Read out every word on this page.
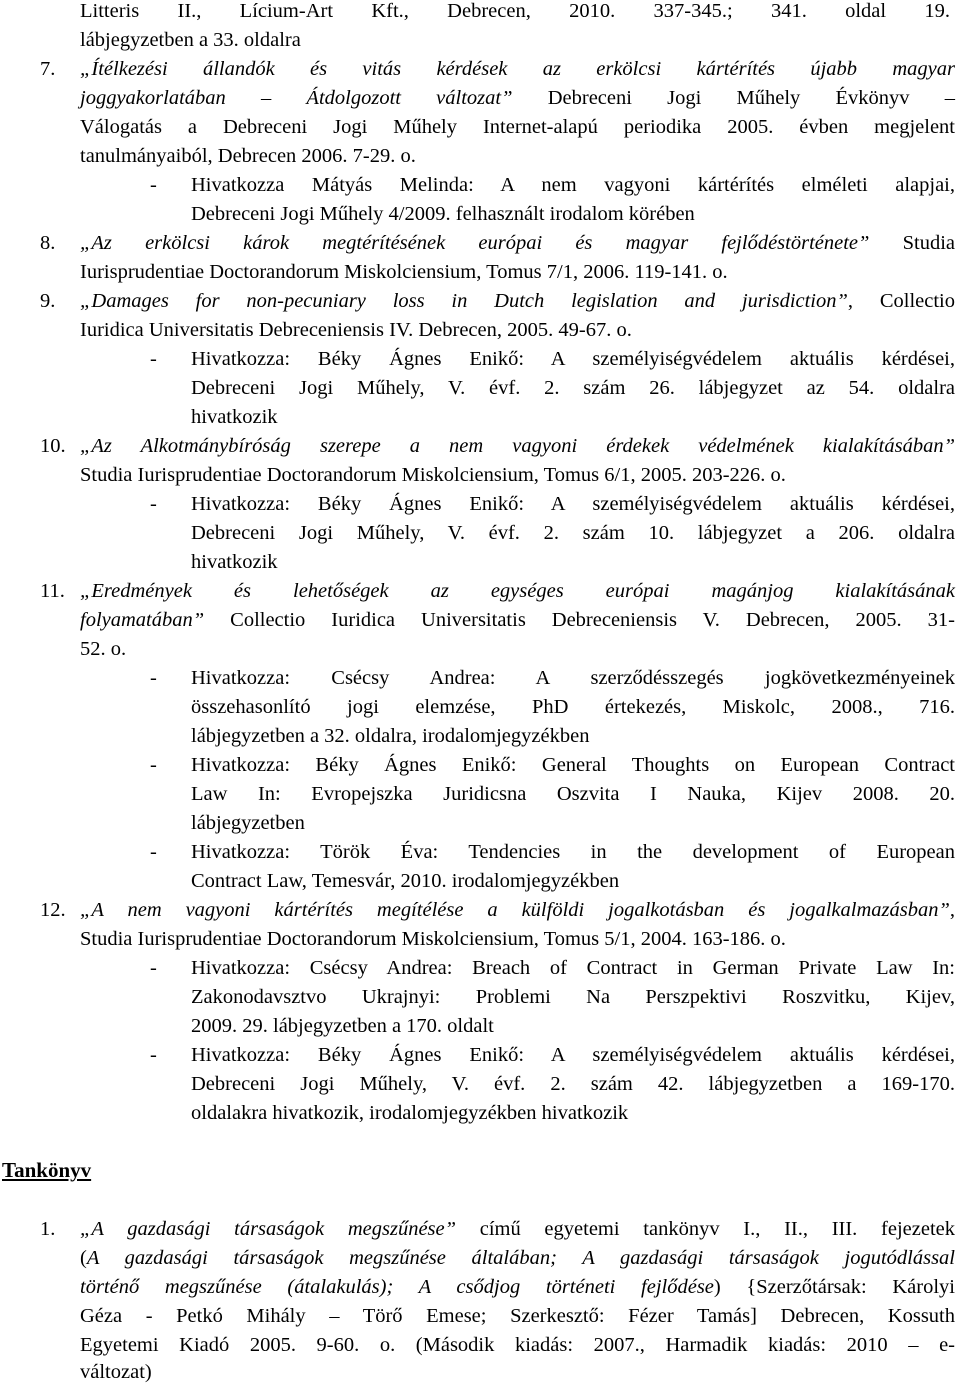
Litteris II., Lícium-Art Kft., Debrecen, 2010. 337-345.; 341. oldal 19.
lábjegyzetben a 33. oldalra
7. „Ítélkezési állandók és vitás kérdések az erkölcsi kártérítés újabb magyar
joggyakorlatában – Átdolgozott változat” Debreceni Jogi Műhely Évkönyv –
Válogatás a Debreceni Jogi Műhely Internet-alapú periodika 2005. évben megjelent
tanulmányaiból, Debrecen 2006. 7-29. o.
- Hivatkozza Mátyás Melinda: A nem vagyoni kártérítés elméleti alapjai,
Debreceni Jogi Műhely 4/2009. felhasznált irodalom körében
8. „Az erkölcsi károk megtérítésének európai és magyar fejlődéstörténete” Studia
Iurisprudentiae Doctorandorum Miskolciensium, Tomus 7/1, 2006. 119-141. o.
9. „Damages for non-pecuniary loss in Dutch legislation and jurisdiction”, Collectio
Iuridica Universitatis Debreceniensis IV. Debrecen, 2005. 49-67. o.
- Hivatkozza: Béky Ágnes Enikő: A személyiségvédelem aktuális kérdései,
Debreceni Jogi Műhely, V. évf. 2. szám 26. lábjegyzet az 54. oldalra
hivatkozik
10. „Az Alkotmánybíróság szerepe a nem vagyoni érdekek védelmének kialakításában”
Studia Iurisprudentiae Doctorandorum Miskolciensium, Tomus 6/1, 2005. 203-226. o.
- Hivatkozza: Béky Ágnes Enikő: A személyiségvédelem aktuális kérdései,
Debreceni Jogi Műhely, V. évf. 2. szám 10. lábjegyzet a 206. oldalra
hivatkozik
11. „Eredmények és lehetőségek az egységes európai magánjog kialakításának
folyamatában” Collectio Iuridica Universitatis Debreceniensis V. Debrecen, 2005. 31-
52. o.
- Hivatkozza: Csécsy Andrea: A szerződésszegés jogkövetkezményeinek
összehasonlító jogi elemzése, PhD értekezés, Miskolc, 2008., 716.
lábjegyzetben a 32. oldalra, irodalomjegyzékben
- Hivatkozza: Béky Ágnes Enikő: General Thoughts on European Contract
Law In: Evropejszka Juridicsna Oszvita I Nauka, Kijev 2008. 20.
lábjegyzetben
- Hivatkozza: Török Éva: Tendencies in the development of European
Contract Law, Temesvár, 2010. irodalomjegyzékben
12. „A nem vagyoni kártérítés megítélése a külföldi jogalkotásban és jogalkalmazásban”,
Studia Iurisprudentiae Doctorandorum Miskolciensium, Tomus 5/1, 2004. 163-186. o.
- Hivatkozza: Csécsy Andrea: Breach of Contract in German Private Law In:
Zakonodavsztvo Ukrajnyi: Problemi Na Perszpektivi Roszvitku, Kijev,
2009. 29. lábjegyzetben a 170. oldalt
- Hivatkozza: Béky Ágnes Enikő: A személyiségvédelem aktuális kérdései,
Debreceni Jogi Műhely, V. évf. 2. szám 42. lábjegyzetben a 169-170.
oldalakra hivatkozik, irodalomjegyzékben hivatkozik
Tankönyv
1. „A gazdasági társaságok megszűnése” című egyetemi tankönyv I., II., III. fejezetek
(A gazdasági társaságok megszűnése általában; A gazdasági társaságok jogutódlással
történő megszűnése (átalakulás); A csődjog történeti fejlődése) {Szerzőtársak: Károlyi
Géza - Petkó Mihály – Törő Emese; Szerkesztő: Fézer Tamás] Debrecen, Kossuth
Egyetemi Kiadó 2005. 9-60. o. (Második kiadás: 2007., Harmadik kiadás: 2010 – e-
változat)
